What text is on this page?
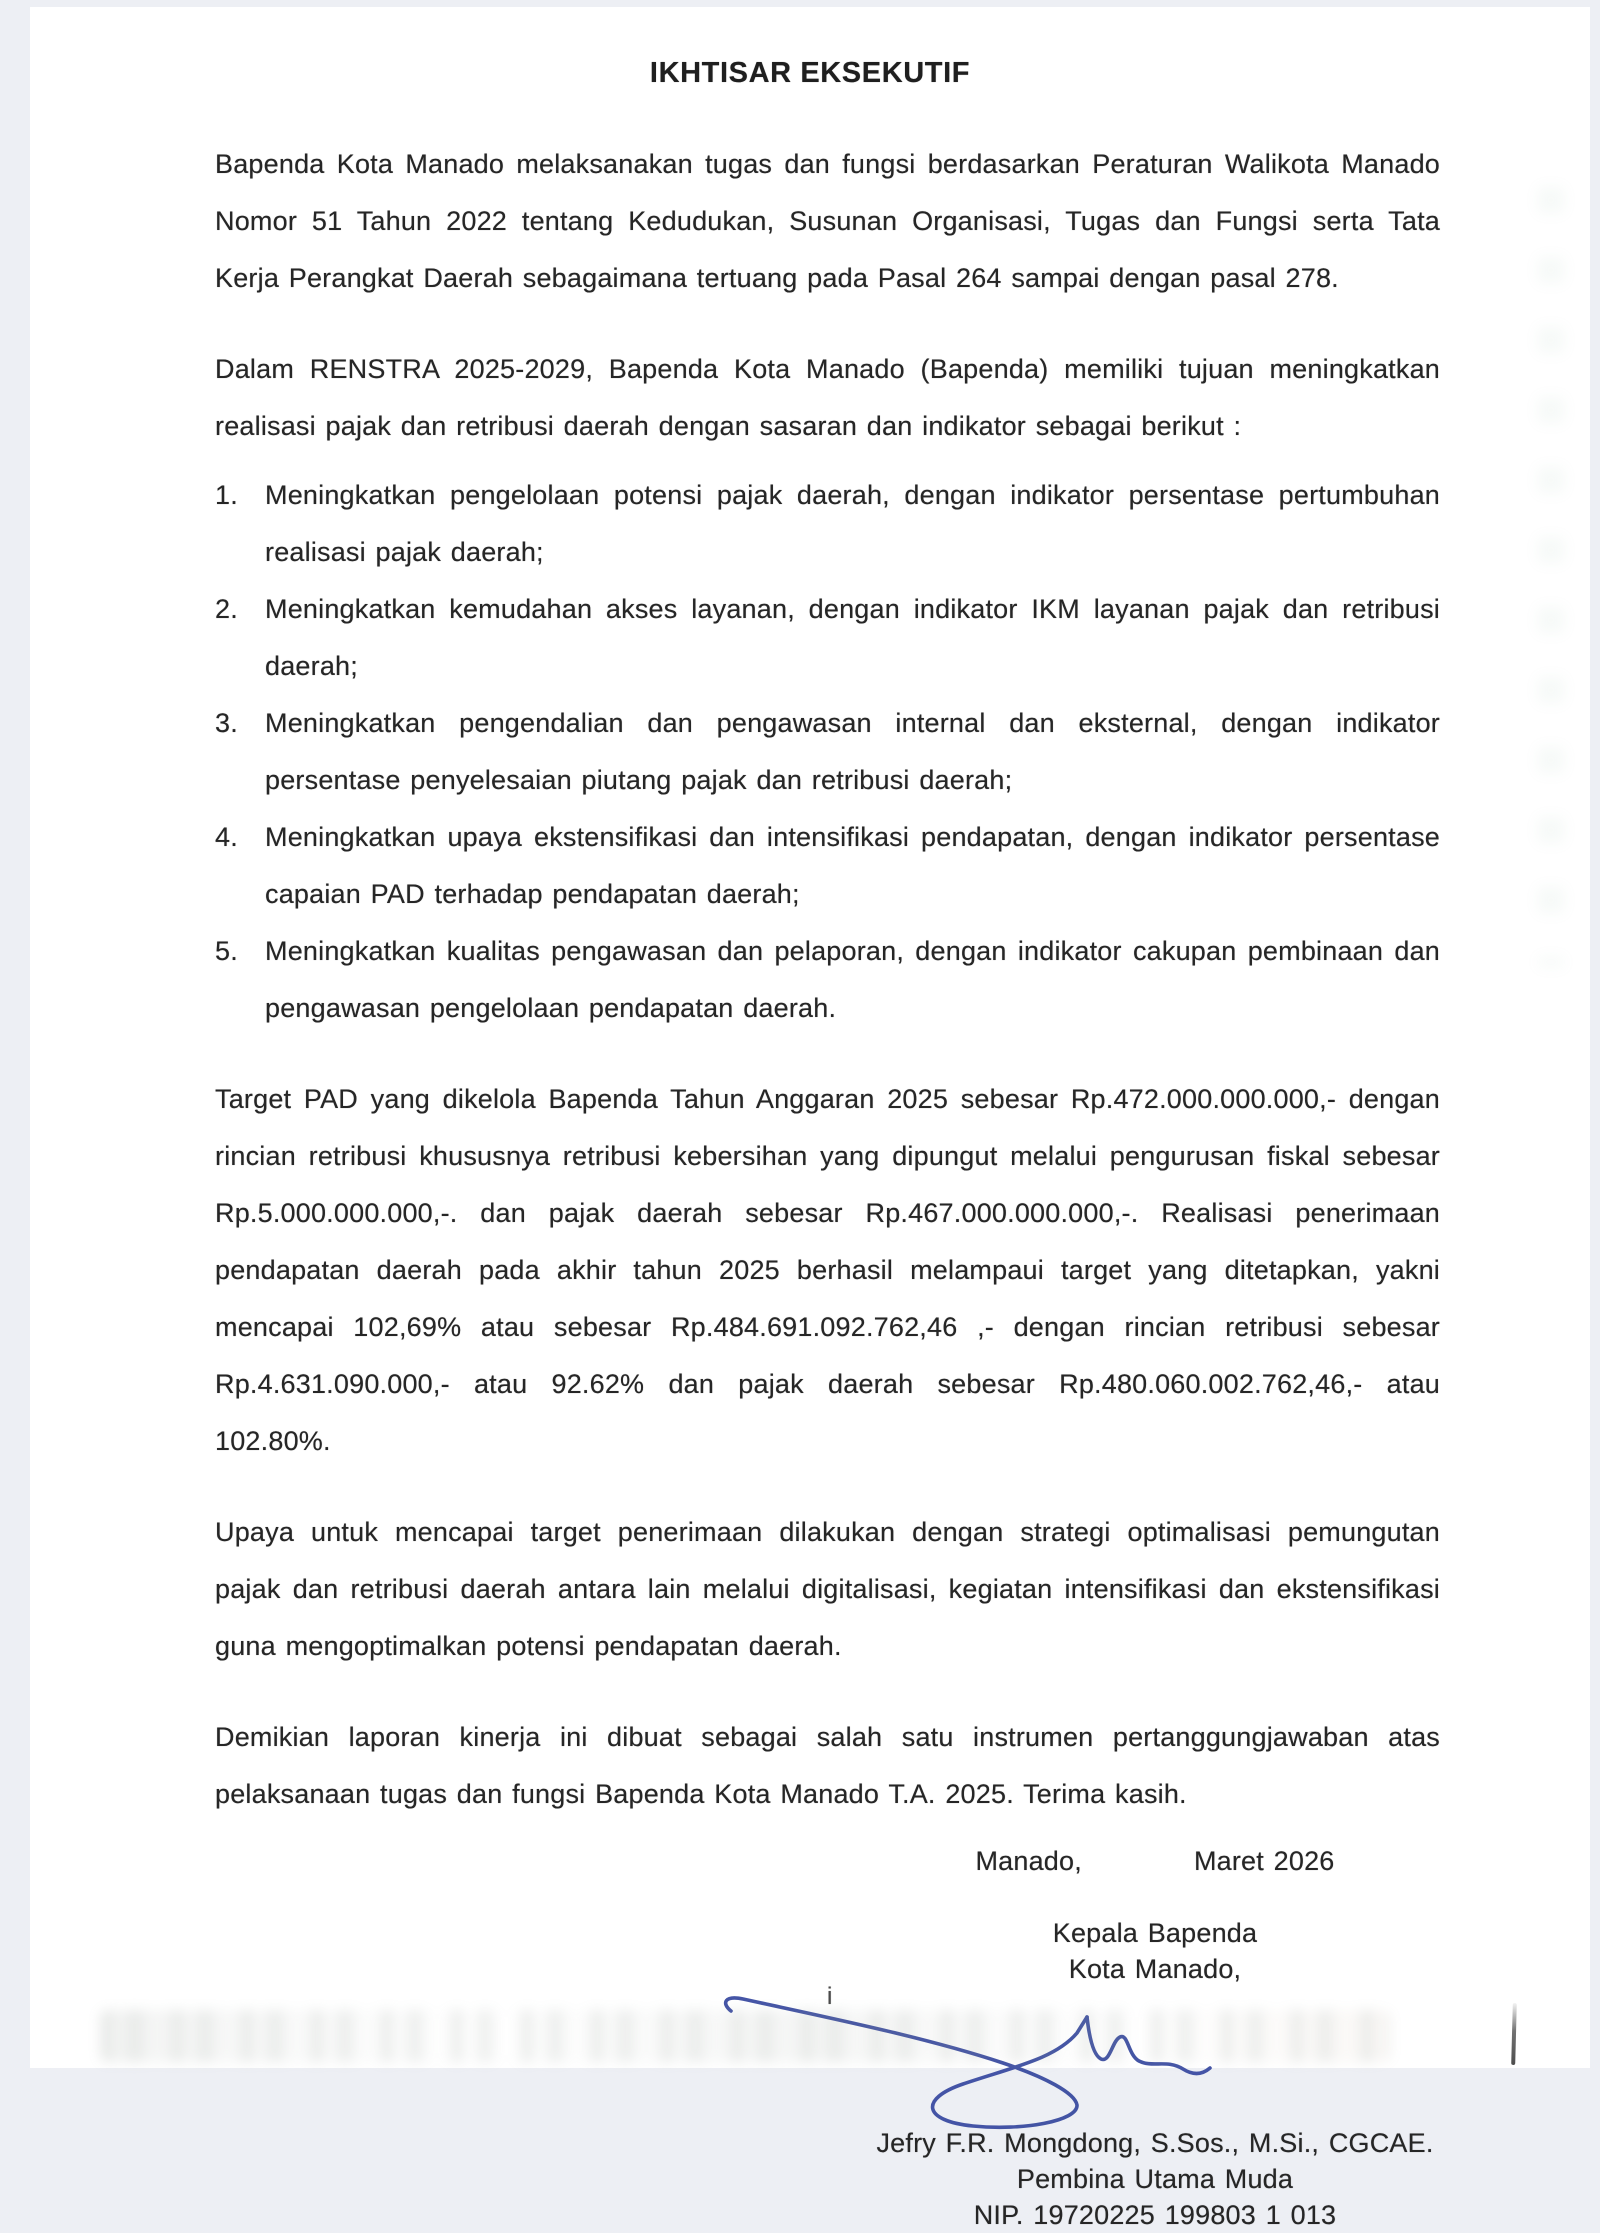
IKHTISAR EKSEKUTIF

Bapenda Kota Manado melaksanakan tugas dan fungsi berdasarkan Peraturan Walikota Manado Nomor 51 Tahun 2022 tentang Kedudukan, Susunan Organisasi, Tugas dan Fungsi serta Tata Kerja Perangkat Daerah sebagaimana tertuang pada Pasal 264 sampai dengan pasal 278.

Dalam RENSTRA 2025-2029, Bapenda Kota Manado (Bapenda) memiliki tujuan meningkatkan realisasi pajak dan retribusi daerah dengan sasaran dan indikator sebagai berikut :

1. Meningkatkan pengelolaan potensi pajak daerah, dengan indikator persentase pertumbuhan realisasi pajak daerah;
2. Meningkatkan kemudahan akses layanan, dengan indikator IKM layanan pajak dan retribusi daerah;
3. Meningkatkan pengendalian dan pengawasan internal dan eksternal, dengan indikator persentase penyelesaian piutang pajak dan retribusi daerah;
4. Meningkatkan upaya ekstensifikasi dan intensifikasi pendapatan, dengan indikator persentase capaian PAD terhadap pendapatan daerah;
5. Meningkatkan kualitas pengawasan dan pelaporan, dengan indikator cakupan pembinaan dan pengawasan pengelolaan pendapatan daerah.

Target PAD yang dikelola Bapenda Tahun Anggaran 2025 sebesar Rp.472.000.000.000,- dengan rincian retribusi khususnya retribusi kebersihan yang dipungut melalui pengurusan fiskal sebesar Rp.5.000.000.000,-. dan pajak daerah sebesar Rp.467.000.000.000,-. Realisasi penerimaan pendapatan daerah pada akhir tahun 2025 berhasil melampaui target yang ditetapkan, yakni mencapai 102,69% atau sebesar Rp.484.691.092.762,46 ,- dengan rincian retribusi sebesar Rp.4.631.090.000,- atau 92.62% dan pajak daerah sebesar Rp.480.060.002.762,46,- atau 102.80%.

Upaya untuk mencapai target penerimaan dilakukan dengan strategi optimalisasi pemungutan pajak dan retribusi daerah antara lain melalui digitalisasi, kegiatan intensifikasi dan ekstensifikasi guna mengoptimalkan potensi pendapatan daerah.

Demikian laporan kinerja ini dibuat sebagai salah satu instrumen pertanggungjawaban atas pelaksanaan tugas dan fungsi Bapenda Kota Manado T.A. 2025. Terima kasih.

Manado,	Maret 2026
Kepala Bapenda
Kota Manado,
i
Jefry F.R. Mongdong, S.Sos., M.Si., CGCAE.
Pembina Utama Muda
NIP. 19720225 199803 1 013
